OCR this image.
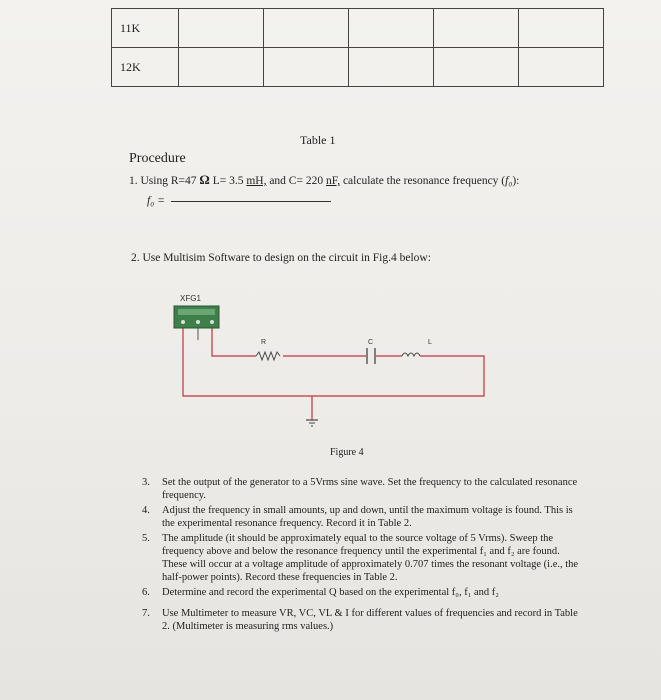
11K					
12K					
Table 1
Procedure
1. Using R=47 Ω L= 3.5 mH, and C= 220 nF, calculate the resonance frequency (f₀):
f₀ =
2. Use Multisim Software to design on the circuit in Fig.4 below:
XFG1
R	C	L
Figure 4
3. Set the output of the generator to a 5Vrms sine wave. Set the frequency to the calculated resonance frequency.
4. Adjust the frequency in small amounts, up and down, until the maximum voltage is found. This is the experimental resonance frequency. Record it in Table 2.
5. The amplitude (it should be approximately equal to the source voltage of 5 Vrms). Sweep the frequency above and below the resonance frequency until the experimental f₁ and f₂ are found. These will occur at a voltage amplitude of approximately 0.707 times the resonant voltage (i.e., the half-power points). Record these frequencies in Table 2.
6. Determine and record the experimental Q based on the experimental f₀, f₁ and f₂
7. Use Multimeter to measure VR, VC, VL & I for different values of frequencies and record in Table 2. (Multimeter is measuring rms values.)
